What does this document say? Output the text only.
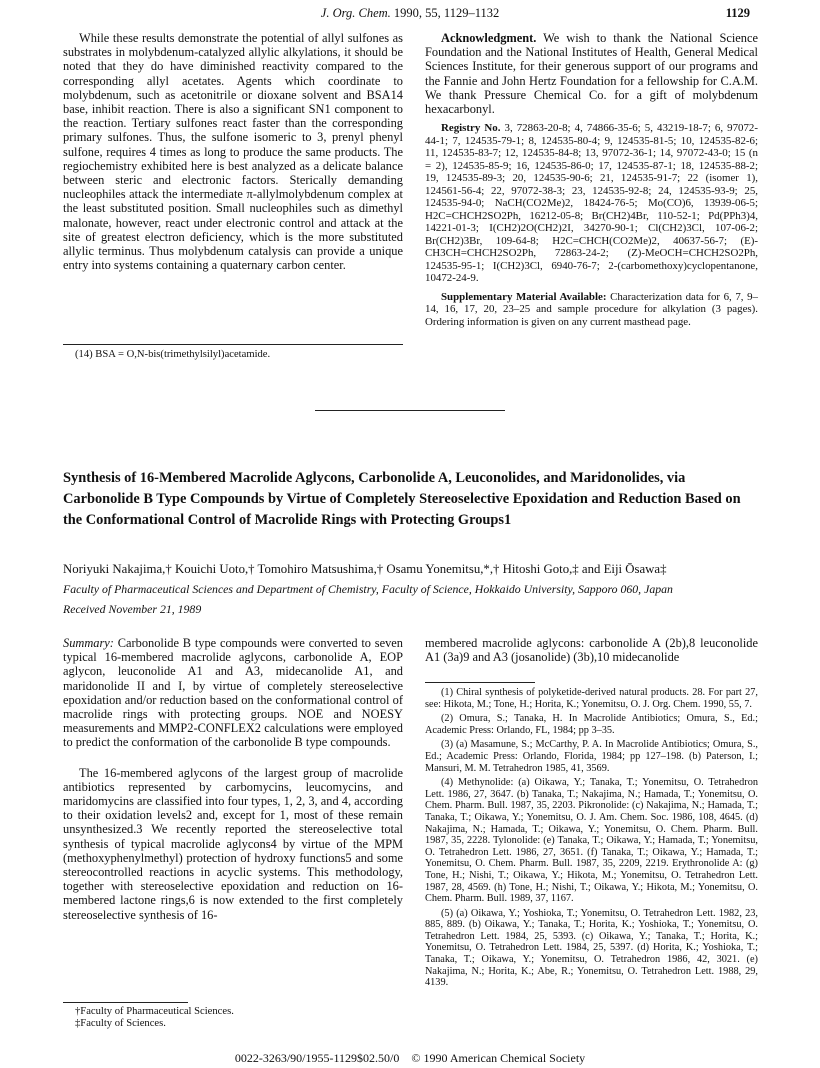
J. Org. Chem. 1990, 55, 1129–1132	1129

While these results demonstrate the potential of allyl sulfones as substrates in molybdenum-catalyzed allylic alkylations, it should be noted that they do have diminished reactivity compared to the corresponding allyl acetates. Agents which coordinate to molybdenum, such as acetonitrile or dioxane solvent and BSA14 base, inhibit reaction. There is also a significant SN1 component to the reaction. Tertiary sulfones react faster than the corresponding primary sulfones. Thus, the sulfone isomeric to 3, prenyl phenyl sulfone, requires 4 times as long to produce the same products. The regiochemistry exhibited here is best analyzed as a delicate balance between steric and electronic factors. Sterically demanding nucleophiles attack the intermediate π-allylmolybdenum complex at the least substituted position. Small nucleophiles such as dimethyl malonate, however, react under electronic control and attack at the site of greatest electron deficiency, which is the more substituted allylic terminus. Thus molybdenum catalysis can provide a unique entry into systems containing a quaternary carbon center.

(14) BSA = O,N-bis(trimethylsilyl)acetamide.

Acknowledgment. We wish to thank the National Science Foundation and the National Institutes of Health, General Medical Sciences Institute, for their generous support of our programs and the Fannie and John Hertz Foundation for a fellowship for C.A.M. We thank Pressure Chemical Co. for a gift of molybdenum hexacarbonyl.

Registry No. 3, 72863-20-8; 4, 74866-35-6; 5, 43219-18-7; 6, 97072-44-1; 7, 124535-79-1; 8, 124535-80-4; 9, 124535-81-5; 10, 124535-82-6; 11, 124535-83-7; 12, 124535-84-8; 13, 97072-36-1; 14, 97072-43-0; 15 (n = 2), 124535-85-9; 16, 124535-86-0; 17, 124535-87-1; 18, 124535-88-2; 19, 124535-89-3; 20, 124535-90-6; 21, 124535-91-7; 22 (isomer 1), 124561-56-4; 22, 97072-38-3; 23, 124535-92-8; 24, 124535-93-9; 25, 124535-94-0; NaCH(CO2Me)2, 18424-76-5; Mo(CO)6, 13939-06-5; H2C=CHCH2SO2Ph, 16212-05-8; Br(CH2)4Br, 110-52-1; Pd(PPh3)4, 14221-01-3; I(CH2)2O(CH2)2I, 34270-90-1; Cl(CH2)3Cl, 107-06-2; Br(CH2)3Br, 109-64-8; H2C=CHCH(CO2Me)2, 40637-56-7; (E)-CH3CH=CHCH2SO2Ph, 72863-24-2; (Z)-MeOCH=CHCH2SO2Ph, 124535-95-1; I(CH2)3Cl, 6940-76-7; 2-(carbomethoxy)cyclopentanone, 10472-24-9.

Supplementary Material Available: Characterization data for 6, 7, 9–14, 16, 17, 20, 23–25 and sample procedure for alkylation (3 pages). Ordering information is given on any current masthead page.

Synthesis of 16-Membered Macrolide Aglycons, Carbonolide A, Leuconolides, and Maridonolides, via Carbonolide B Type Compounds by Virtue of Completely Stereoselective Epoxidation and Reduction Based on the Conformational Control of Macrolide Rings with Protecting Groups1
Noriyuki Nakajima,† Kouichi Uoto,† Tomohiro Matsushima,† Osamu Yonemitsu,*,† Hitoshi Goto,‡ and Eiji Ōsawa‡
Faculty of Pharmaceutical Sciences and Department of Chemistry, Faculty of Science, Hokkaido University, Sapporo 060, Japan
Received November 21, 1989

Summary: Carbonolide B type compounds were converted to seven typical 16-membered macrolide aglycons, carbonolide A, EOP aglycon, leuconolide A1 and A3, midecanolide A1, and maridonolide II and I, by virtue of completely stereoselective epoxidation and/or reduction based on the conformational control of macrolide rings with protecting groups. NOE and NOESY measurements and MMP2-CONFLEX2 calculations were employed to predict the conformation of the carbonolide B type compounds.

The 16-membered aglycons of the largest group of macrolide antibiotics represented by carbomycins, leucomycins, and maridomycins are classified into four types, 1, 2, 3, and 4, according to their oxidation levels2 and, except for 1, most of these remain unsynthesized.3 We recently reported the stereoselective total synthesis of typical macrolide aglycons4 by virtue of the MPM (methoxyphenylmethyl) protection of hydroxy functions5 and some stereocontrolled reactions in acyclic systems. This methodology, together with stereoselective epoxidation and reduction on 16-membered lactone rings,6 is now extended to the first completely stereoselective synthesis of 16-

†Faculty of Pharmaceutical Sciences.
‡Faculty of Sciences.

membered macrolide aglycons: carbonolide A (2b),8 leuconolide A1 (3a)9 and A3 (josanolide) (3b),10 midecanolide

(1) Chiral synthesis of polyketide-derived natural products. 28. For part 27, see: Hikota, M.; Tone, H.; Horita, K.; Yonemitsu, O. J. Org. Chem. 1990, 55, 7.

(2) Omura, S.; Tanaka, H. In Macrolide Antibiotics; Omura, S., Ed.; Academic Press: Orlando, FL, 1984; pp 3–35.

(3) (a) Masamune, S.; McCarthy, P. A. In Macrolide Antibiotics; Omura, S., Ed.; Academic Press: Orlando, Florida, 1984; pp 127–198. (b) Paterson, I.; Mansuri, M. M. Tetrahedron 1985, 41, 3569.

(4) Methynolide: (a) Oikawa, Y.; Tanaka, T.; Yonemitsu, O. Tetrahedron Lett. 1986, 27, 3647. (b) Tanaka, T.; Nakajima, N.; Hamada, T.; Yonemitsu, O. Chem. Pharm. Bull. 1987, 35, 2203. Pikronolide: (c) Nakajima, N.; Hamada, T.; Tanaka, T.; Oikawa, Y.; Yonemitsu, O. J. Am. Chem. Soc. 1986, 108, 4645. (d) Nakajima, N.; Hamada, T.; Oikawa, Y.; Yonemitsu, O. Chem. Pharm. Bull. 1987, 35, 2228. Tylonolide: (e) Tanaka, T.; Oikawa, Y.; Hamada, T.; Yonemitsu, O. Tetrahedron Lett. 1986, 27, 3651. (f) Tanaka, T.; Oikawa, Y.; Hamada, T.; Yonemitsu, O. Chem. Pharm. Bull. 1987, 35, 2209, 2219. Erythronolide A: (g) Tone, H.; Nishi, T.; Oikawa, Y.; Hikota, M.; Yonemitsu, O. Tetrahedron Lett. 1987, 28, 4569. (h) Tone, H.; Nishi, T.; Oikawa, Y.; Hikota, M.; Yonemitsu, O. Chem. Pharm. Bull. 1989, 37, 1167.

(5) (a) Oikawa, Y.; Yoshioka, T.; Yonemitsu, O. Tetrahedron Lett. 1982, 23, 885, 889. (b) Oikawa, Y.; Tanaka, T.; Horita, K.; Yoshioka, T.; Yonemitsu, O. Tetrahedron Lett. 1984, 25, 5393. (c) Oikawa, Y.; Tanaka, T.; Horita, K.; Yonemitsu, O. Tetrahedron Lett. 1984, 25, 5397. (d) Horita, K.; Yoshioka, T.; Tanaka, T.; Oikawa, Y.; Yonemitsu, O. Tetrahedron 1986, 42, 3021. (e) Nakajima, N.; Horita, K.; Abe, R.; Yonemitsu, O. Tetrahedron Lett. 1988, 29, 4139.

0022-3263/90/1955-1129$02.50/0 © 1990 American Chemical Society
